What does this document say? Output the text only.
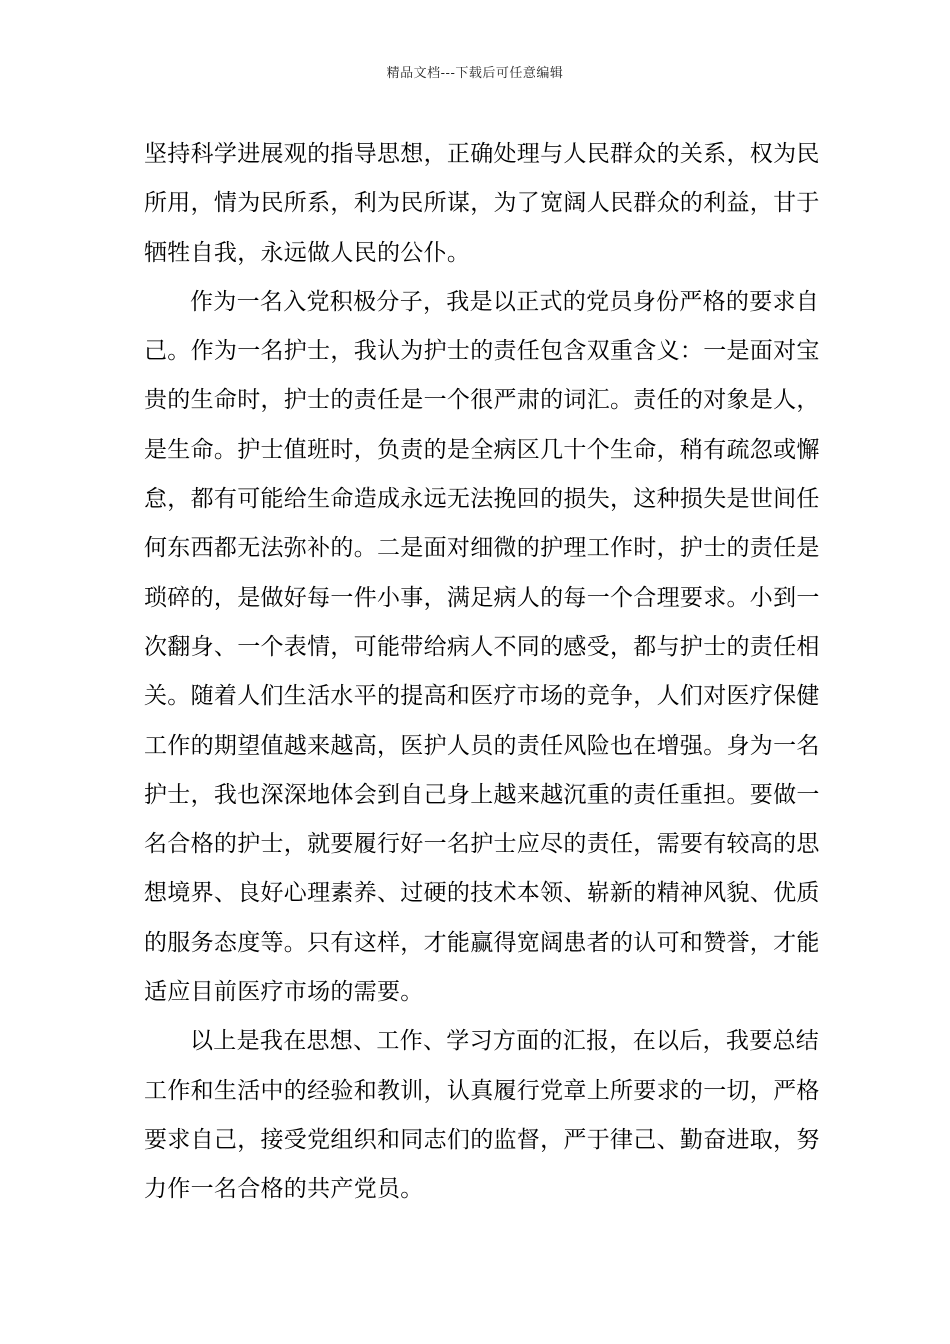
精品文档---下载后可任意编辑
坚持科学进展观的指导思想，正确处理与人民群众的关系，权为民
所用，情为民所系，利为民所谋，为了宽阔人民群众的利益，甘于
牺牲自我，永远做人民的公仆。
作为一名入党积极分子，我是以正式的党员身份严格的要求自
己。作为一名护士，我认为护士的责任包含双重含义：一是面对宝
贵的生命时，护士的责任是一个很严肃的词汇。责任的对象是人，
是生命。护士值班时，负责的是全病区几十个生命，稍有疏忽或懈
怠，都有可能给生命造成永远无法挽回的损失，这种损失是世间任
何东西都无法弥补的。二是面对细微的护理工作时，护士的责任是
琐碎的，是做好每一件小事，满足病人的每一个合理要求。小到一
次翻身、一个表情，可能带给病人不同的感受，都与护士的责任相
关。随着人们生活水平的提高和医疗市场的竞争，人们对医疗保健
工作的期望值越来越高，医护人员的责任风险也在增强。身为一名
护士，我也深深地体会到自己身上越来越沉重的责任重担。要做一
名合格的护士，就要履行好一名护士应尽的责任，需要有较高的思
想境界、良好心理素养、过硬的技术本领、崭新的精神风貌、优质
的服务态度等。只有这样，才能赢得宽阔患者的认可和赞誉，才能
适应目前医疗市场的需要。
以上是我在思想、工作、学习方面的汇报，在以后，我要总结
工作和生活中的经验和教训，认真履行党章上所要求的一切，严格
要求自己，接受党组织和同志们的监督，严于律己、勤奋进取，努
力作一名合格的共产党员。
